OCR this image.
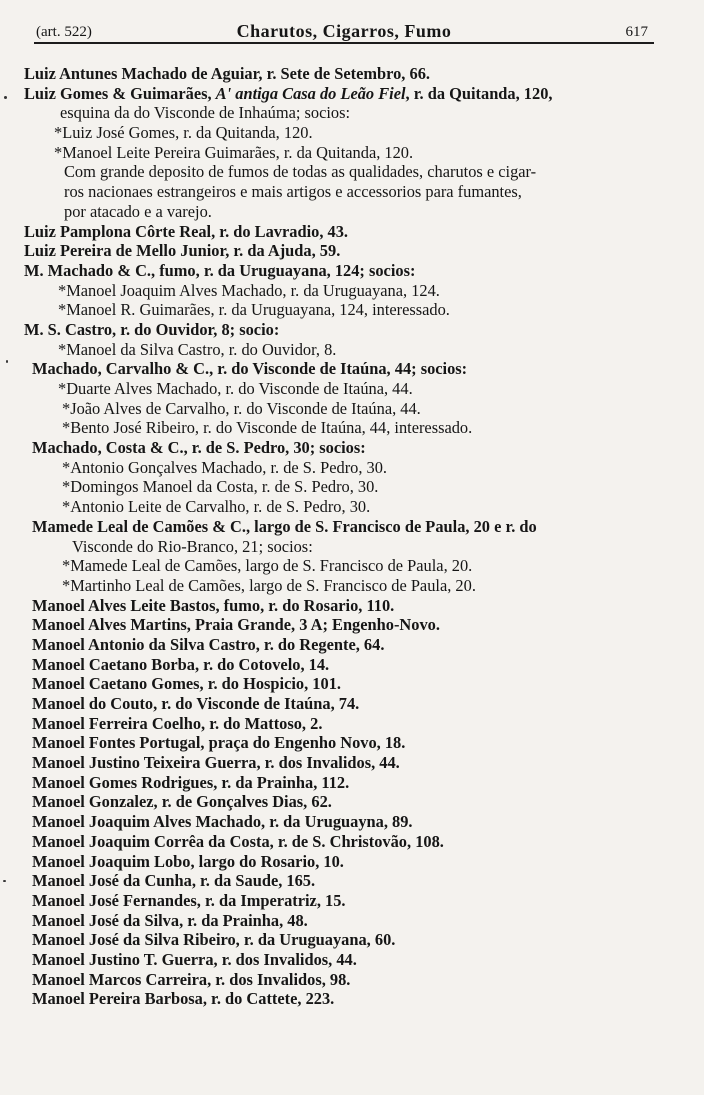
(art. 522)	Charutos, Cigarros, Fumo	617
Luiz Antunes Machado de Aguiar, r. Sete de Setembro, 66.
Luiz Gomes & Guimarães, A' antiga Casa do Leão Fiel, r. da Quitanda, 120,
esquina da do Visconde de Inhaúma; socios:
*Luiz José Gomes, r. da Quitanda, 120.
*Manoel Leite Pereira Guimarães, r. da Quitanda, 120.
Com grande deposito de fumos de todas as qualidades, charutos e cigar-
ros nacionaes estrangeiros e mais artigos e accessorios para fumantes,
por atacado e a varejo.
Luiz Pamplona Côrte Real, r. do Lavradio, 43.
Luiz Pereira de Mello Junior, r. da Ajuda, 59.
M. Machado & C., fumo, r. da Uruguayana, 124; socios:
*Manoel Joaquim Alves Machado, r. da Uruguayana, 124.
*Manoel R. Guimarães, r. da Uruguayana, 124, interessado.
M. S. Castro, r. do Ouvidor, 8; socio:
*Manoel da Silva Castro, r. do Ouvidor, 8.
Machado, Carvalho & C., r. do Visconde de Itaúna, 44; socios:
*Duarte Alves Machado, r. do Visconde de Itaúna, 44.
*João Alves de Carvalho, r. do Visconde de Itaúna, 44.
*Bento José Ribeiro, r. do Visconde de Itaúna, 44, interessado.
Machado, Costa & C., r. de S. Pedro, 30; socios:
*Antonio Gonçalves Machado, r. de S. Pedro, 30.
*Domingos Manoel da Costa, r. de S. Pedro, 30.
*Antonio Leite de Carvalho, r. de S. Pedro, 30.
Mamede Leal de Camões & C., largo de S. Francisco de Paula, 20 e r. do
Visconde do Rio-Branco, 21; socios:
*Mamede Leal de Camões, largo de S. Francisco de Paula, 20.
*Martinho Leal de Camões, largo de S. Francisco de Paula, 20.
Manoel Alves Leite Bastos, fumo, r. do Rosario, 110.
Manoel Alves Martins, Praia Grande, 3 A; Engenho-Novo.
Manoel Antonio da Silva Castro, r. do Regente, 64.
Manoel Caetano Borba, r. do Cotovelo, 14.
Manoel Caetano Gomes, r. do Hospicio, 101.
Manoel do Couto, r. do Visconde de Itaúna, 74.
Manoel Ferreira Coelho, r. do Mattoso, 2.
Manoel Fontes Portugal, praça do Engenho Novo, 18.
Manoel Justino Teixeira Guerra, r. dos Invalidos, 44.
Manoel Gomes Rodrigues, r. da Prainha, 112.
Manoel Gonzalez, r. de Gonçalves Dias, 62.
Manoel Joaquim Alves Machado, r. da Uruguayna, 89.
Manoel Joaquim Corrêa da Costa, r. de S. Christovão, 108.
Manoel Joaquim Lobo, largo do Rosario, 10.
Manoel José da Cunha, r. da Saude, 165.
Manoel José Fernandes, r. da Imperatriz, 15.
Manoel José da Silva, r. da Prainha, 48.
Manoel José da Silva Ribeiro, r. da Uruguayana, 60.
Manoel Justino T. Guerra, r. dos Invalidos, 44.
Manoel Marcos Carreira, r. dos Invalidos, 98.
Manoel Pereira Barbosa, r. do Cattete, 223.
